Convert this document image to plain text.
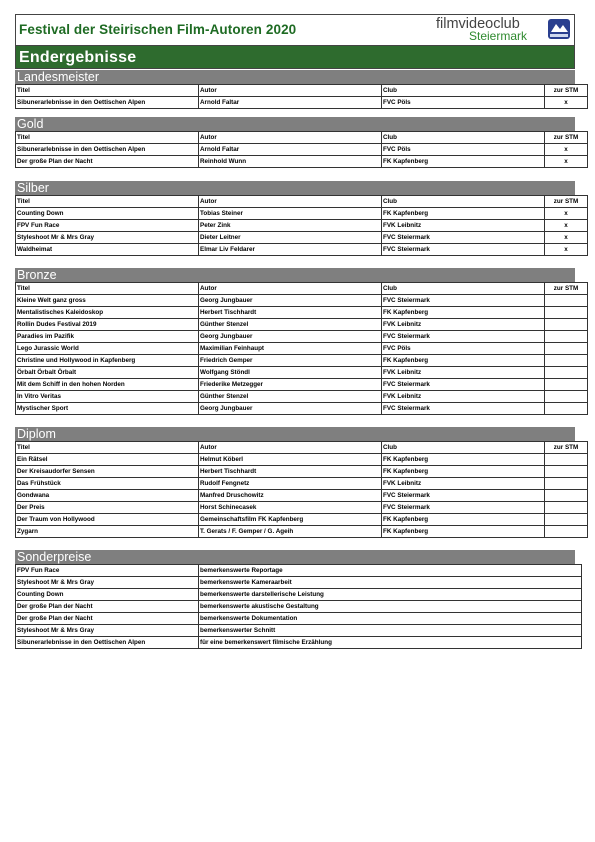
Festival der Steirischen Film-Autoren 2020	filmvideoclub
Steiermark
Endergebnisse
Landesmeister
Titel	Autor	Club	zur STM
Sibunerarlebnisse in den Oettischen Alpen	Arnold Faltar	FVC Pöls	x
Gold
Titel	Autor	Club	zur STM
Sibunerarlebnisse in den Oettischen Alpen	Arnold Faltar	FVC Pöls	x
Der große Plan der Nacht	Reinhold Wunn	FK Kapfenberg	x
Silber
Titel	Autor	Club	zur STM
Counting Down	Tobias Steiner	FK Kapfenberg	x
FPV Fun Race	Peter Zink	FVK Leibnitz	x
Styleshoot Mr & Mrs Gray	Dieter Leitner	FVC Steiermark	x
Waldheimat	Elmar Liv Feldarer	FVC Steiermark	x
Bronze
Titel	Autor	Club	zur STM
Kleine Welt ganz gross	Georg Jungbauer	FVC Steiermark	
Mentalistisches Kaleidoskop	Herbert Tischhardt	FK Kapfenberg	
Rollin Dudes Festival 2019	Günther Stenzel	FVK Leibnitz	
Paradies im Pazifik	Georg Jungbauer	FVC Steiermark	
Lego Jurassic World	Maximilian Feinhaupt	FVC Pöls	
Christine und Hollywood in Kapfenberg	Friedrich Gemper	FK Kapfenberg	
Örbalt Örbalt Örbalt	Wolfgang Stöndl	FVK Leibnitz	
Mit dem Schiff in den hohen Norden	Friederike Metzegger	FVC Steiermark	
In Vitro Veritas	Günther Stenzel	FVK Leibnitz	
Mystischer Sport	Georg Jungbauer	FVC Steiermark	
Diplom
Titel	Autor	Club	zur STM
Ein Rätsel	Helmut Köberl	FK Kapfenberg	
Der Kreisaudorfer Sensen	Herbert Tischhardt	FK Kapfenberg	
Das Frühstück	Rudolf Fengnetz	FVK Leibnitz	
Gondwana	Manfred Druschowitz	FVC Steiermark	
Der Preis	Horst Schinecasek	FVC Steiermark	
Der Traum von Hollywood	Gemeinschaftsfilm FK Kapfenberg	FK Kapfenberg	
Zygarn	T. Gerats / F. Gemper / G. Ageih	FK Kapfenberg	
Sonderpreise
FPV Fun Race	bemerkenswerte Reportage
Styleshoot Mr & Mrs Gray	bemerkenswerte Kameraarbeit
Counting Down	bemerkenswerte darstellerische Leistung
Der große Plan der Nacht	bemerkenswerte akustische Gestaltung
Der große Plan der Nacht	bemerkenswerte Dokumentation
Styleshoot Mr & Mrs Gray	bemerkenswerter Schnitt
Sibunerarlebnisse in den Oettischen Alpen	für eine bemerkenswert filmische Erzählung
